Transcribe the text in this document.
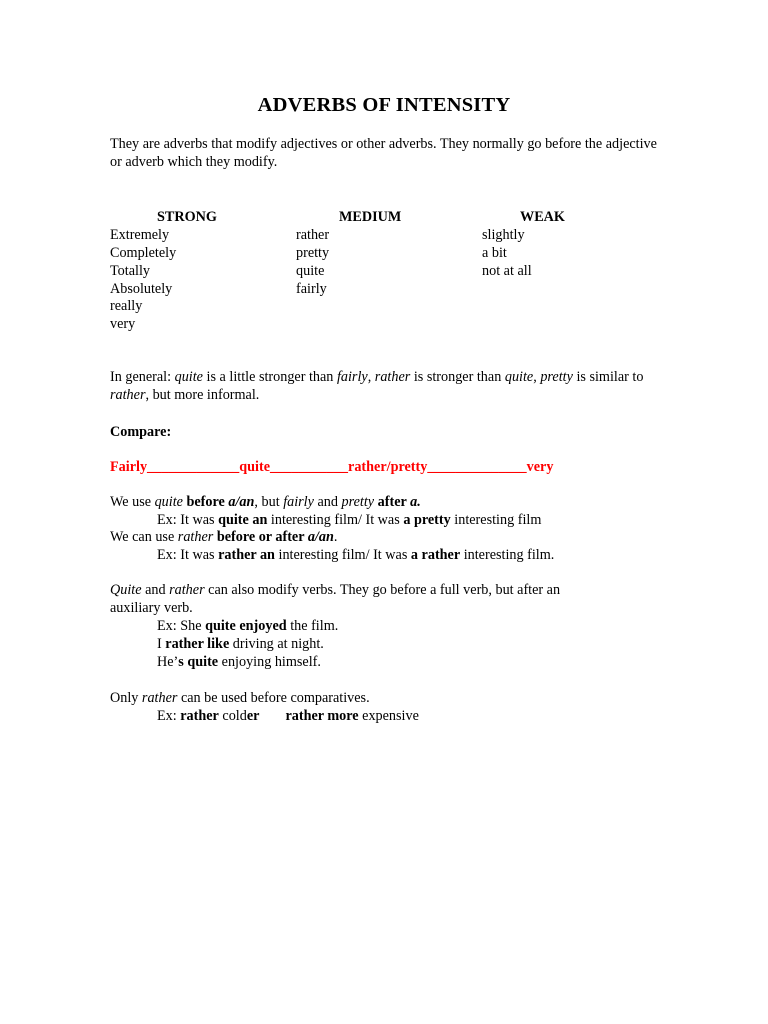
ADVERBS OF INTENSITY
They are adverbs that modify adjectives or other adverbs. They normally go before the adjective or adverb which they modify.
STRONG	MEDIUM	WEAK
Extremely
Completely
Totally
Absolutely
really
very
rather
pretty
quite
fairly
slightly
a bit
not at all
In general: quite is a little stronger than fairly, rather is stronger than quite, pretty is similar to rather, but more informal.
Compare:
Fairly_____________quite___________rather/pretty______________very
We use quite before a/an, but fairly and pretty after a.
Ex: It was quite an interesting film/ It was a pretty interesting film
We can use rather before or after a/an.
Ex: It was rather an interesting film/ It was a rather interesting film.
Quite and rather can also modify verbs. They go before a full verb, but after an auxiliary verb.
Ex: She quite enjoyed the film.
I rather like driving at night.
He’s quite enjoying himself.
Only rather can be used before comparatives.
Ex: rather colder rather more expensive
